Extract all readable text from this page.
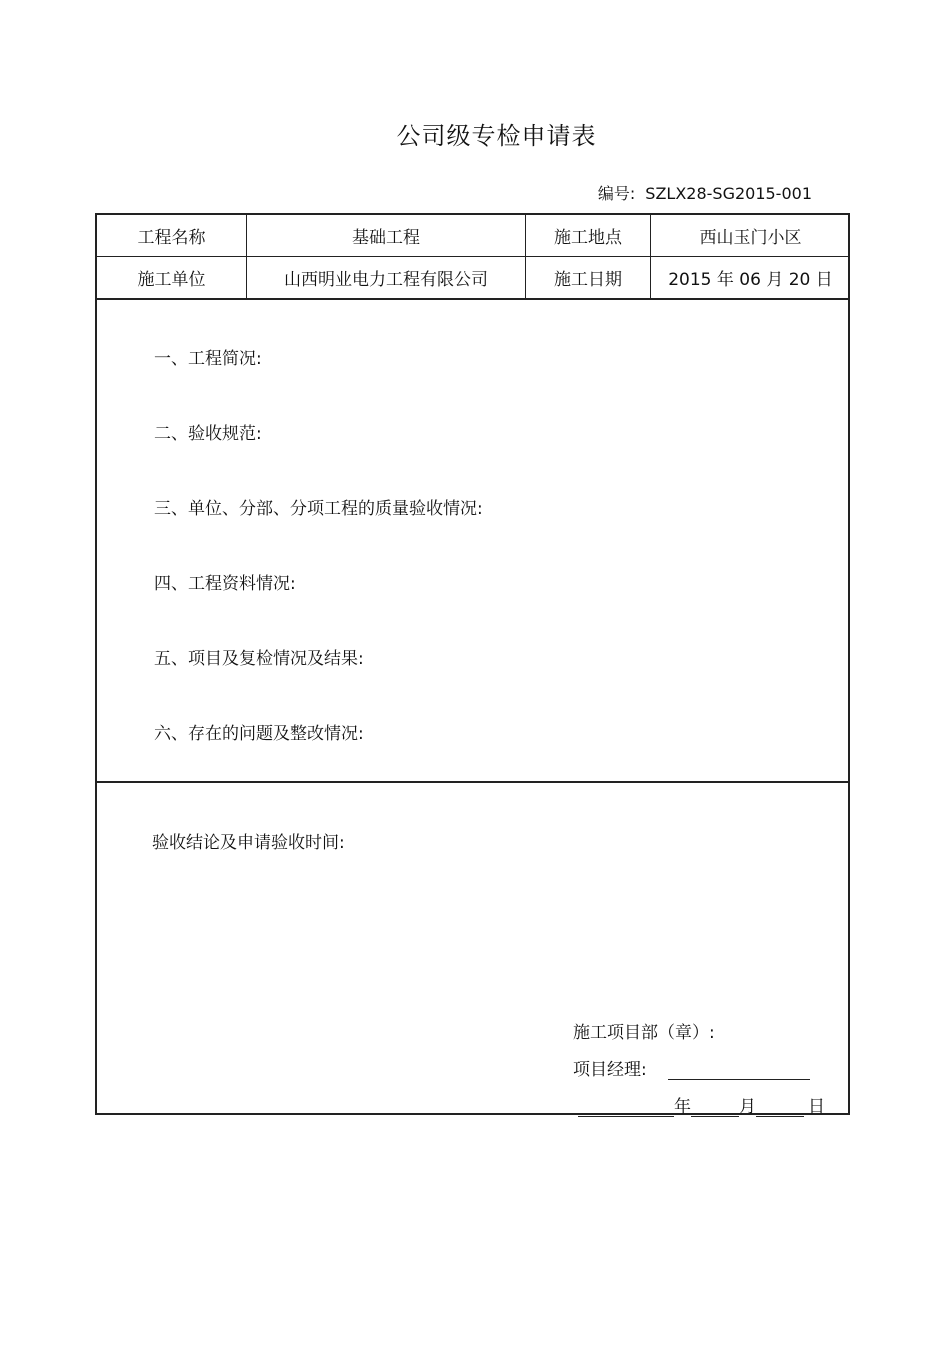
公司级专检申请表
编号: SZLX28-SG2015-001
工程名称	基础工程	施工地点	西山玉门小区
施工单位	山西明业电力工程有限公司	施工日期	2015 年 06 月 20 日
一、工程简况:
二、验收规范:
三、单位、分部、分项工程的质量验收情况:
四、工程资料情况:
五、项目及复检情况及结果:
六、存在的问题及整改情况:
验收结论及申请验收时间:
施工项目部（章）:
项目经理:
年	月	日
